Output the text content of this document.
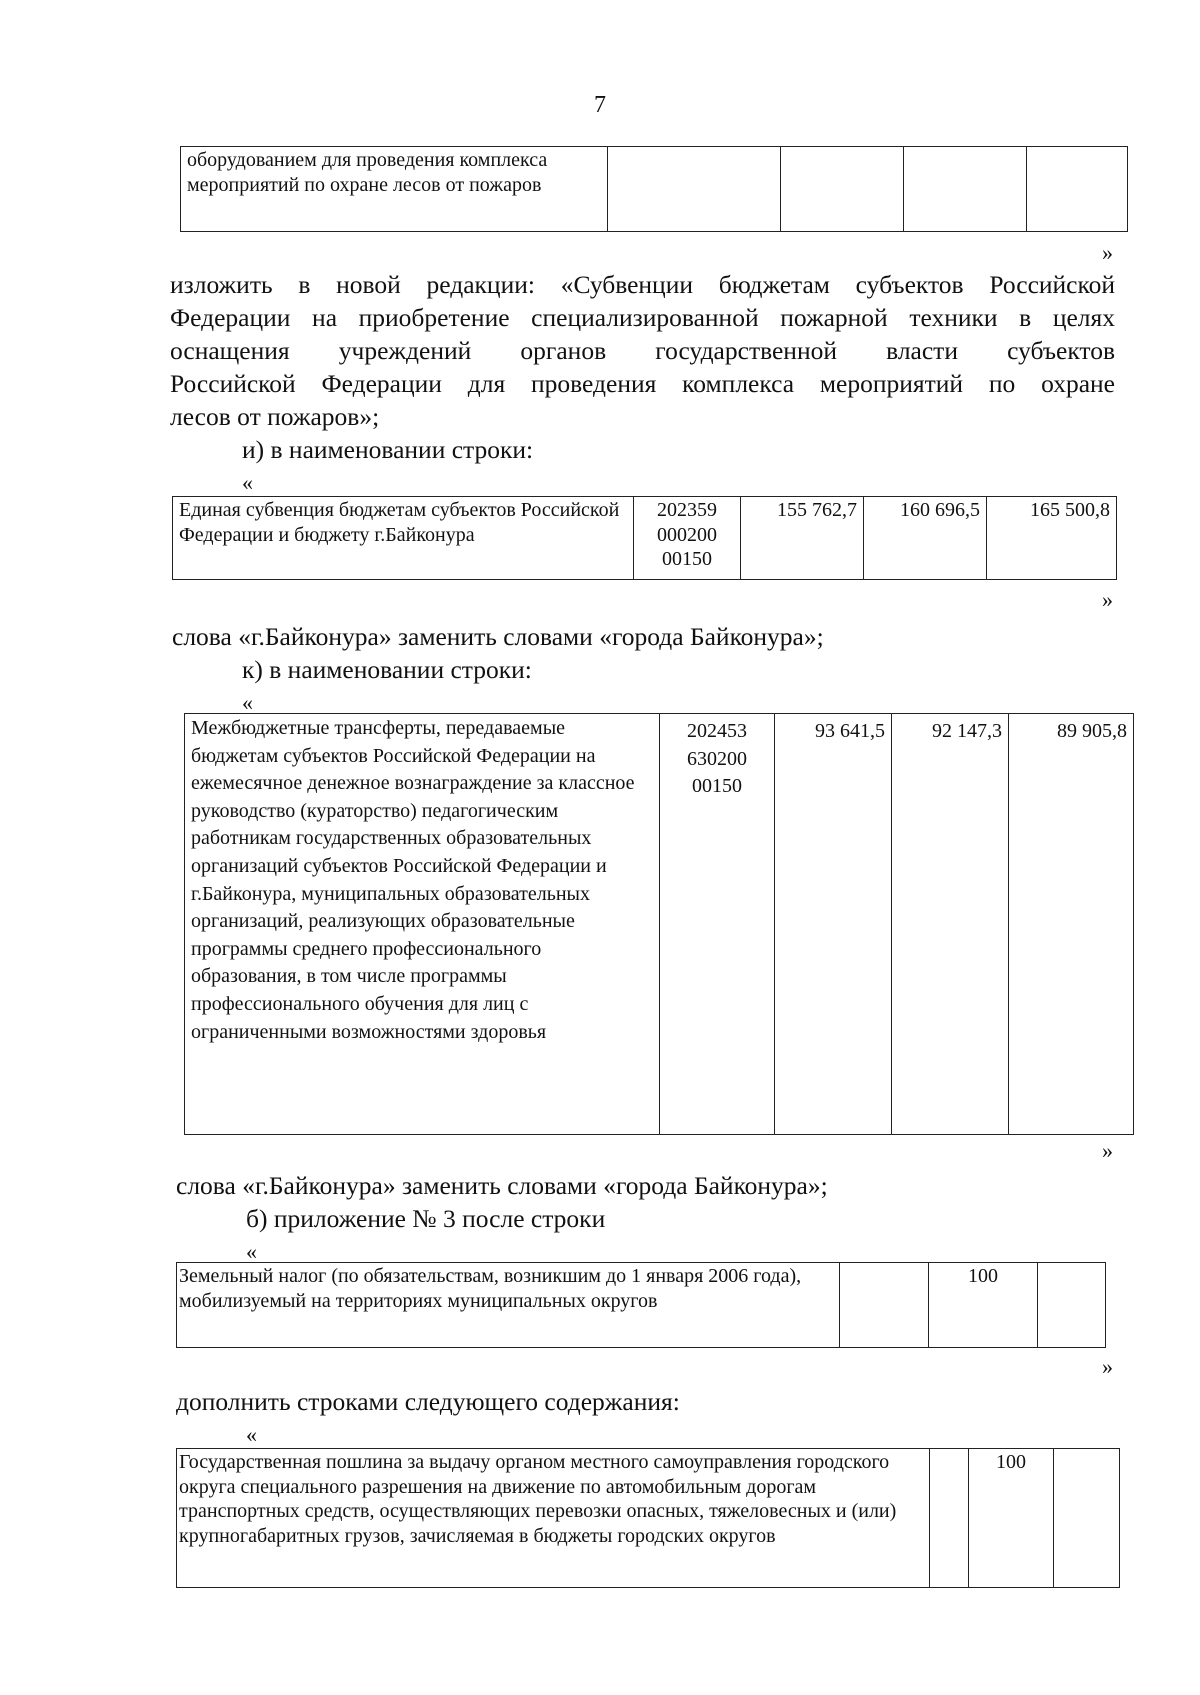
7
оборудованием для проведения комплекса мероприятий по охране лесов от пожаров				
»
изложить в новой редакции: «Субвенции бюджетам субъектов Российской
Федерации на приобретение специализированной пожарной техники в целях
оснащения учреждений органов государственной власти субъектов
Российской Федерации для проведения комплекса мероприятий по охране
лесов от пожаров»;
и) в наименовании строки:
«
Единая субвенция бюджетам субъектов Российской Федерации и бюджету г.Байконура	202359 000200 00150	155 762,7	160 696,5	165 500,8
»
слова «г.Байконура» заменить словами «города Байконура»;
к) в наименовании строки:
«
Межбюджетные трансферты, передаваемые бюджетам субъектов Российской Федерации на ежемесячное денежное вознаграждение за классное руководство (кураторство) педагогическим работникам государственных образовательных организаций субъектов Российской Федерации и г.Байконура, муниципальных образовательных организаций, реализующих образовательные программы среднего профессионального образования, в том числе программы профессионального обучения для лиц с ограниченными возможностями здоровья	202453 630200 00150	93 641,5	92 147,3	89 905,8
»
слова «г.Байконура» заменить словами «города Байконура»;
б) приложение № 3 после строки
«
Земельный налог (по обязательствам, возникшим до 1 января 2006 года), мобилизуемый на территориях муниципальных округов		100	
»
дополнить строками следующего содержания:
«
Государственная пошлина за выдачу органом местного самоуправления городского округа специального разрешения на движение по автомобильным дорогам транспортных средств, осуществляющих перевозки опасных, тяжеловесных и (или) крупногабаритных грузов, зачисляемая в бюджеты городских округов		100	
